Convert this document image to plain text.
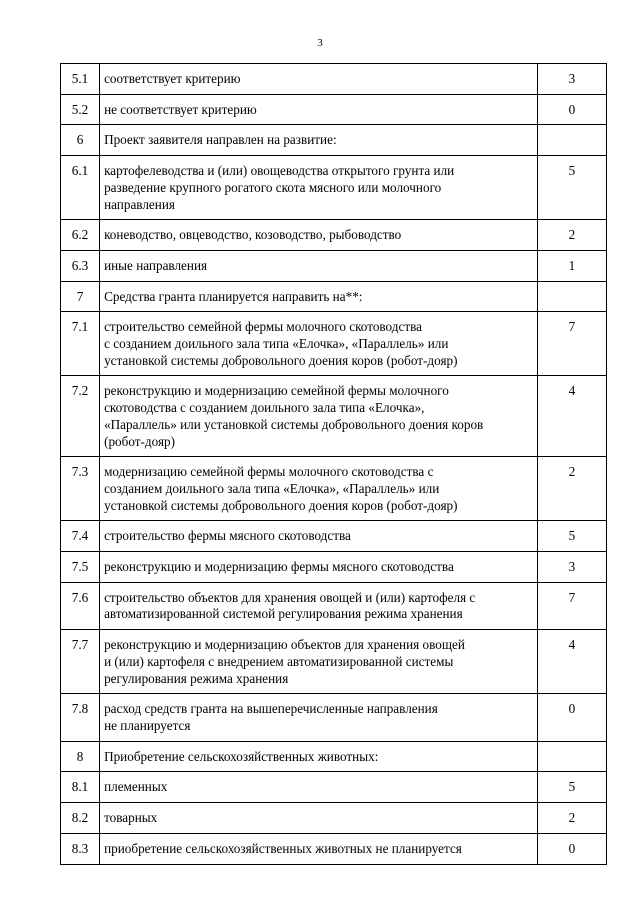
3
5.1	соответствует критерию	3
5.2	не соответствует критерию	0
6	Проект заявителя направлен на развитие:	

6.1	картофелеводства и (или) овощеводства открытого грунта или
разведение крупного рогатого скота мясного или молочного
направления	5
6.2	коневодство, овцеводство, козоводство, рыбоводство	2
6.3	иные направления	1
7	Средства гранта планируется направить на**:	

7.1	строительство семейной фермы молочного скотоводства
с созданием доильного зала типа «Елочка», «Параллель» или
установкой системы добровольного доения коров (робот-дояр)	7
7.2	реконструкцию и модернизацию семейной фермы молочного
скотоводства с созданием доильного зала типа «Елочка»,
«Параллель» или установкой системы добровольного доения коров
(робот-дояр)	4
7.3	модернизацию семейной фермы молочного скотоводства с
созданием доильного зала типа «Елочка», «Параллель» или
установкой системы добровольного доения коров (робот-дояр)	2
7.4	строительство фермы мясного скотоводства	5
7.5	реконструкцию и модернизацию фермы мясного скотоводства	3
7.6	строительство объектов для хранения овощей и (или) картофеля с
автоматизированной системой регулирования режима хранения	7
7.7	реконструкцию и модернизацию объектов для хранения овощей
и (или) картофеля с внедрением автоматизированной системы
регулирования режима хранения	4
7.8	расход средств гранта на вышеперечисленные направления
не планируется	0
8	Приобретение сельскохозяйственных животных:	

8.1	племенных	5
8.2	товарных	2
8.3	приобретение сельскохозяйственных животных не планируется	0
